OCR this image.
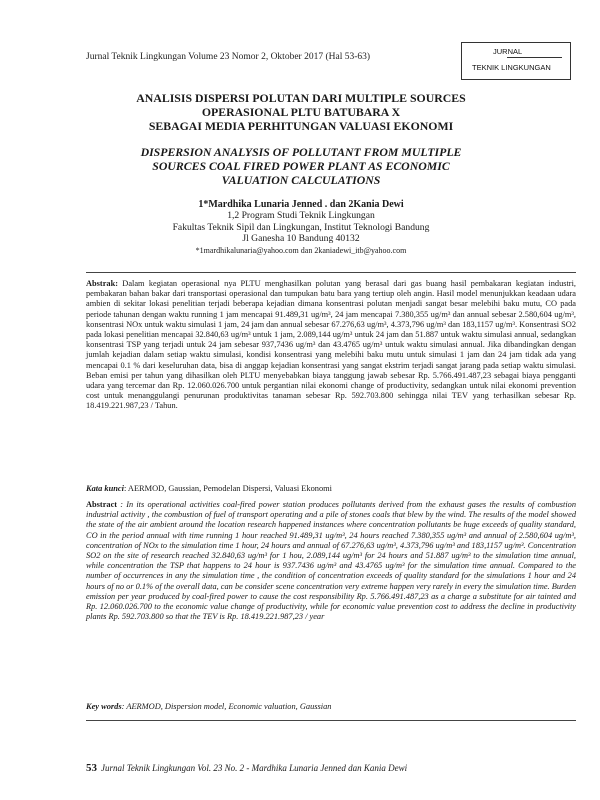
Jurnal Teknik Lingkungan Volume 23 Nomor 2, Oktober 2017 (Hal 53-63)
JURNAL
TEKNIK LINGKUNGAN
ANALISIS DISPERSI POLUTAN DARI MULTIPLE SOURCES
OPERASIONAL PLTU BATUBARA X
SEBAGAI MEDIA PERHITUNGAN VALUASI EKONOMI
DISPERSION ANALYSIS OF POLLUTANT FROM MULTIPLE
SOURCES COAL FIRED POWER PLANT AS ECONOMIC
VALUATION CALCULATIONS
1*Mardhika Lunaria Jenned . dan 2Kania Dewi
1,2 Program Studi Teknik Lingkungan
Fakultas Teknik Sipil dan Lingkungan, Institut Teknologi Bandung
Jl Ganesha 10 Bandung 40132
*1mardhikalunaria@yahoo.com dan 2kaniadewi_itb@yahoo.com
Abstrak: Dalam kegiatan operasional nya PLTU menghasilkan polutan yang berasal dari gas buang hasil pembakaran kegiatan industri, pembakaran bahan bakar dari transportasi operasional dan tumpukan batu bara yang tertiup oleh angin. Hasil model menunjukkan keadaan udara ambien di sekitar lokasi penelitian terjadi beberapa kejadian dimana konsentrasi polutan menjadi sangat besar melebihi baku mutu, CO pada periode tahunan dengan waktu running 1 jam mencapai 91.489,31 ug/m³, 24 jam mencapai 7.380,355 ug/m³ dan annual sebesar 2.580,604 ug/m³, konsentrasi NOx untuk waktu simulasi 1 jam, 24 jam dan annual sebesar 67.276,63 ug/m³, 4.373,796 ug/m³ dan 183,1157 ug/m³. Konsentrasi SO2 pada lokasi penelitian mencapai 32.840,63 ug/m³ untuk 1 jam, 2.089,144 ug/m³ untuk 24 jam dan 51.887 untuk waktu simulasi annual, sedangkan konsentrasi TSP yang terjadi untuk 24 jam sebesar 937,7436 ug/m³ dan 43.4765 ug/m³ untuk waktu simulasi annual. Jika dibandingkan dengan jumlah kejadian dalam setiap waktu simulasi, kondisi konsentrasi yang melebihi baku mutu untuk simulasi 1 jam dan 24 jam tidak ada yang mencapai 0.1 % dari keseluruhan data, bisa di anggap kejadian konsentrasi yang sangat ekstrim terjadi sangat jarang pada setiap waktu simulasi. Beban emisi per tahun yang dihasilkan oleh PLTU menyebabkan biaya tanggung jawab sebesar Rp. 5.766.491.487,23 sebagai biaya pengganti udara yang tercemar dan Rp. 12.060.026.700 untuk pergantian nilai ekonomi change of productivity, sedangkan untuk nilai ekonomi prevention cost untuk menanggulangi penurunan produktivitas tanaman sebesar Rp. 592.703.800 sehingga nilai TEV yang terhasilkan sebesar Rp. 18.419.221.987,23 / Tahun.
Kata kunci: AERMOD, Gaussian, Pemodelan Dispersi, Valuasi Ekonomi
Abstract : In its operational activities coal-fired power station produces pollutants derived from the exhaust gases the results of combustion industrial activity , the combustion of fuel of transport operating and a pile of stones coals that blew by the wind. The results of the model showed the state of the air ambient around the location research happened instances where concentration pollutants be huge exceeds of quality standard, CO in the period annual with time running 1 hour reached 91.489,31 ug/m³, 24 hours reached 7.380,355 ug/m³ and annual of 2.580,604 ug/m³, concentration of NOx to the simulation time 1 hour, 24 hours and annual of 67.276,63 ug/m³, 4.373,796 ug/m³ and 183,1157 ug/m³. Concentration SO2 on the site of research reached 32.840,63 ug/m³ for 1 hou, 2.089,144 ug/m³ for 24 hours and 51.887 ug/m³ to the simulation time annual, while concentration the TSP that happens to 24 hour is 937.7436 ug/m³ and 43.4765 ug/m³ for the simulation time annual. Compared to the number of occurrences in any the simulation time , the condition of concentration exceeds of quality standard for the simulations 1 hour and 24 hours of no or 0.1% of the overall data, can be consider scene concentration very extreme happen very rarely in every the simulation time. Burden emission per year produced by coal-fired power to cause the cost responsibility Rp. 5.766.491.487,23 as a charge a substitute for air tainted and Rp. 12.060.026.700 to the economic value change of productivity, while for economic value prevention cost to address the decline in productivity plants Rp. 592.703.800 so that the TEV is Rp. 18.419.221.987,23 / year
Key words: AERMOD, Dispersion model, Economic valuation, Gaussian
53 Jurnal Teknik Lingkungan Vol. 23 No. 2 - Mardhika Lunaria Jenned dan Kania Dewi
